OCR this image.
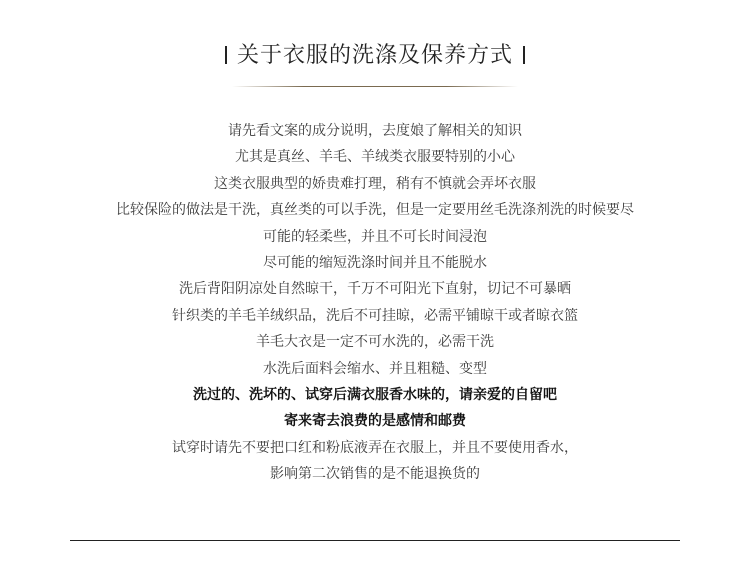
关于衣服的洗涤及保养方式
请先看文案的成分说明，去度娘了解相关的知识
尤其是真丝、羊毛、羊绒类衣服要特别的小心
这类衣服典型的娇贵难打理，稍有不慎就会弄坏衣服
比较保险的做法是干洗，真丝类的可以手洗，但是一定要用丝毛洗涤剂洗的时候要尽
可能的轻柔些，并且不可长时间浸泡
尽可能的缩短洗涤时间并且不能脱水
洗后背阳阴凉处自然晾干，千万不可阳光下直射，切记不可暴晒
针织类的羊毛羊绒织品，洗后不可挂晾，必需平铺晾干或者晾衣篮
羊毛大衣是一定不可水洗的，必需干洗
水洗后面料会缩水、并且粗糙、变型
洗过的、洗坏的、试穿后满衣服香水味的，请亲爱的自留吧
寄来寄去浪费的是感情和邮费
试穿时请先不要把口红和粉底液弄在衣服上，并且不要使用香水，
影响第二次销售的是不能退换货的
